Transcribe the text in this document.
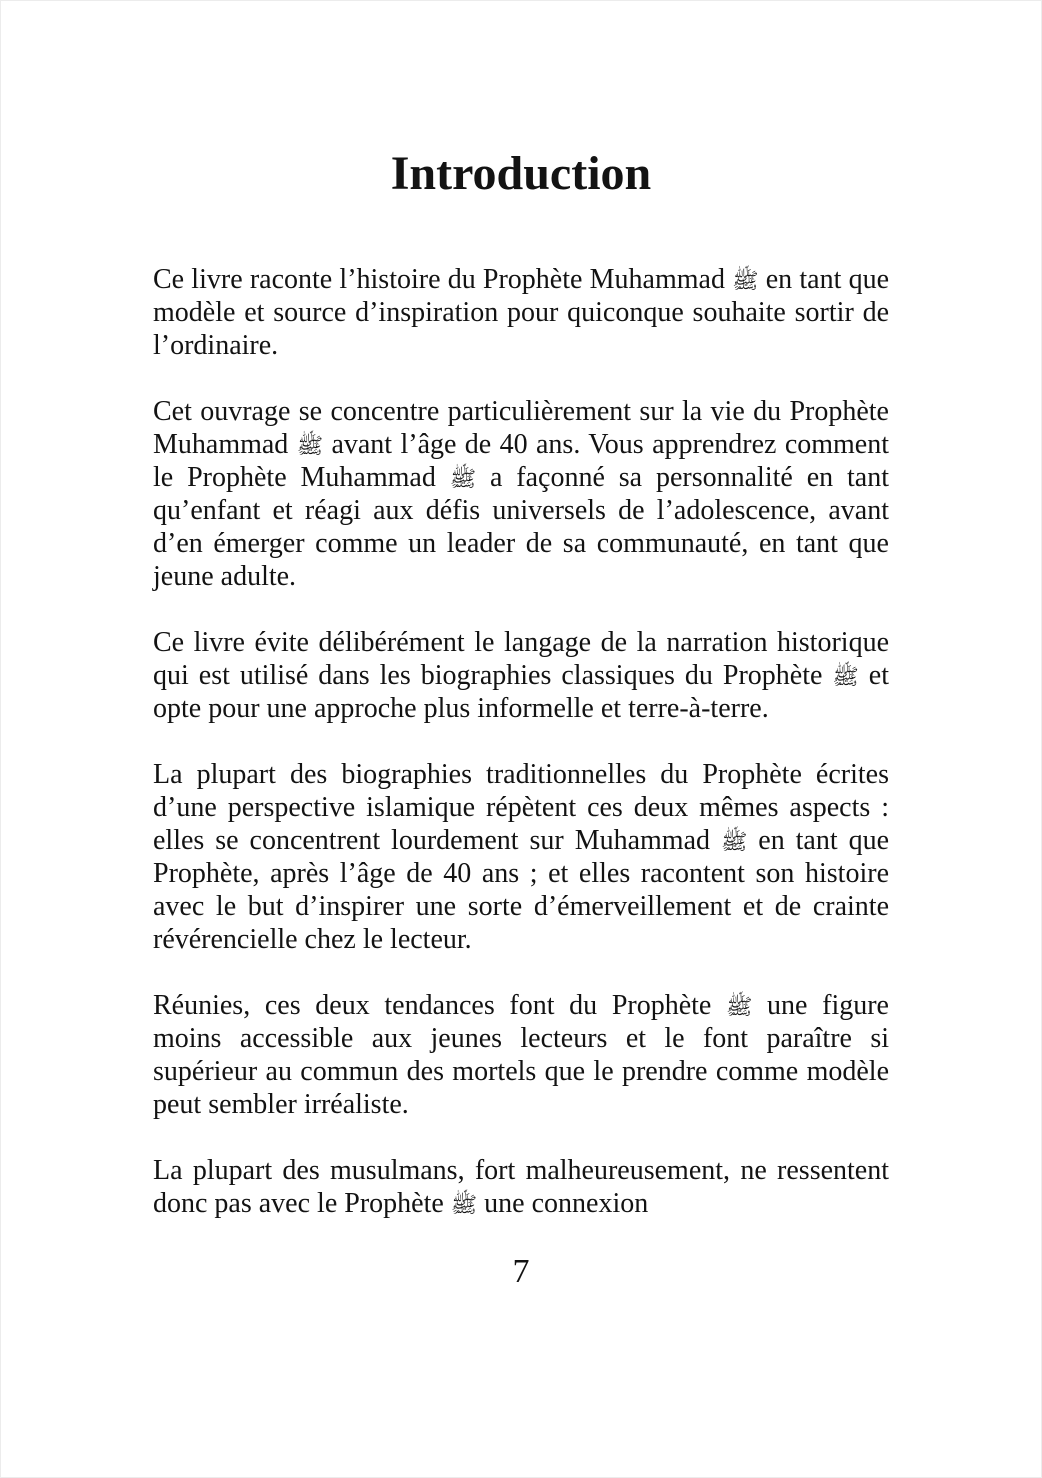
Introduction

Ce livre raconte l’histoire du Prophète Muhammad ﷺ en tant que modèle et source d’inspiration pour quiconque souhaite sortir de l’ordinaire.

Cet ouvrage se concentre particulièrement sur la vie du Prophète Muhammad ﷺ avant l’âge de 40 ans. Vous apprendrez comment le Prophète Muhammad ﷺ a façonné sa personnalité en tant qu’enfant et réagi aux défis universels de l’adolescence, avant d’en émerger comme un leader de sa communauté, en tant que jeune adulte.

Ce livre évite délibérément le langage de la narration historique qui est utilisé dans les biographies classiques du Prophète ﷺ et opte pour une approche plus informelle et terre-à-terre.

La plupart des biographies traditionnelles du Prophète écrites d’une perspective islamique répètent ces deux mêmes aspects : elles se concentrent lourdement sur Muhammad ﷺ en tant que Prophète, après l’âge de 40 ans ; et elles racontent son histoire avec le but d’inspirer une sorte d’émerveillement et de crainte révérencielle chez le lecteur.

Réunies, ces deux tendances font du Prophète ﷺ une figure moins accessible aux jeunes lecteurs et le font paraître si supérieur au commun des mortels que le prendre comme modèle peut sembler irréaliste.

La plupart des musulmans, fort malheureusement, ne ressentent donc pas avec le Prophète ﷺ une connexion

7
